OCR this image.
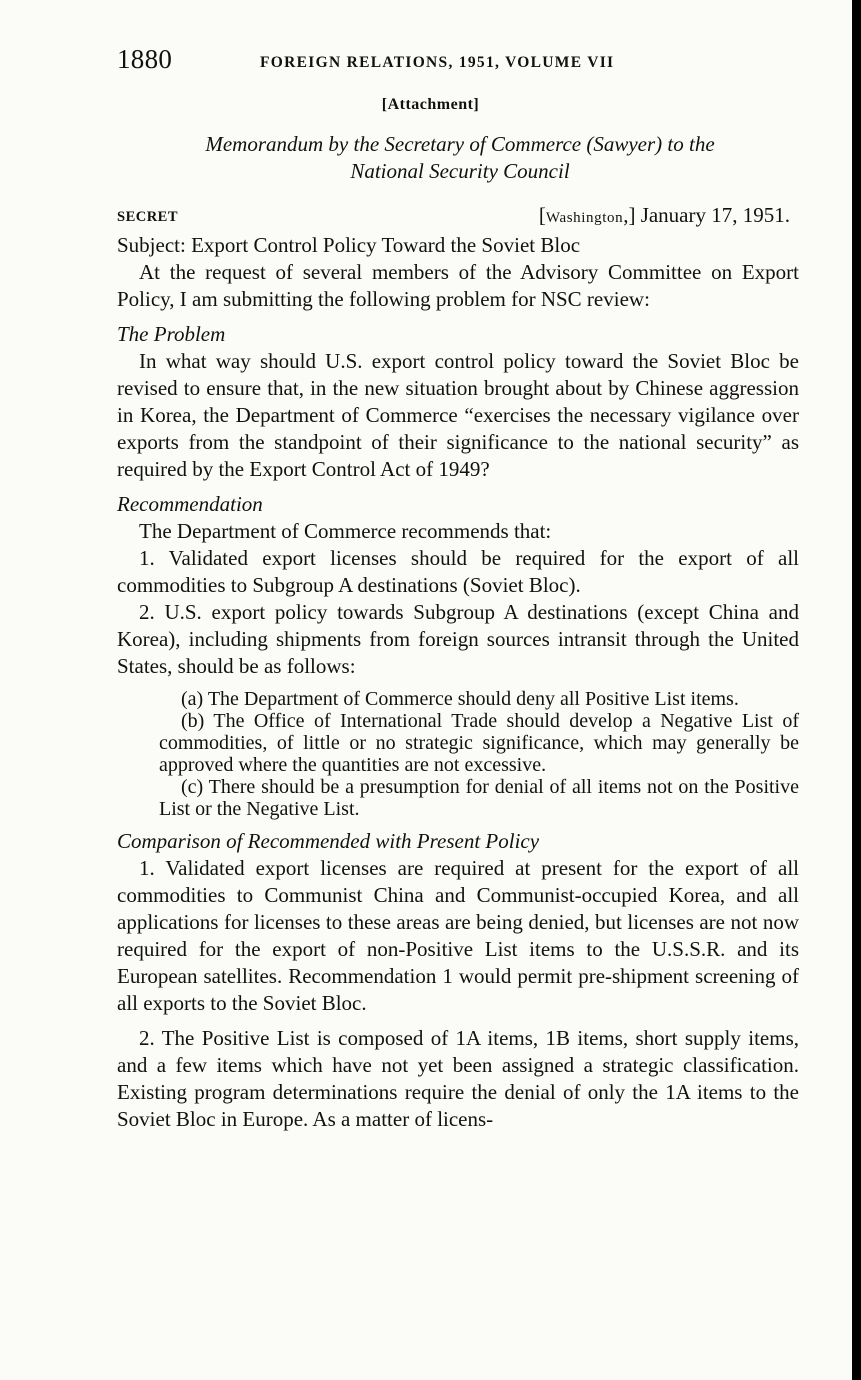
1880	FOREIGN RELATIONS, 1951, VOLUME VII
[Attachment]
Memorandum by the Secretary of Commerce (Sawyer) to the
National Security Council
SECRET	[Washington,] January 17, 1951.

Subject: Export Control Policy Toward the Soviet Bloc

At the request of several members of the Advisory Committee on Export Policy, I am submitting the following problem for NSC review:

The Problem

In what way should U.S. export control policy toward the Soviet Bloc be revised to ensure that, in the new situation brought about by Chinese aggression in Korea, the Department of Commerce “exercises the necessary vigilance over exports from the standpoint of their significance to the national security” as required by the Export Control Act of 1949?

Recommendation

The Department of Commerce recommends that:

1. Validated export licenses should be required for the export of all commodities to Subgroup A destinations (Soviet Bloc).

2. U.S. export policy towards Subgroup A destinations (except China and Korea), including shipments from foreign sources intransit through the United States, should be as follows:

(a) The Department of Commerce should deny all Positive List items.

(b) The Office of International Trade should develop a Negative List of commodities, of little or no strategic significance, which may generally be approved where the quantities are not excessive.

(c) There should be a presumption for denial of all items not on the Positive List or the Negative List.

Comparison of Recommended with Present Policy

1. Validated export licenses are required at present for the export of all commodities to Communist China and Communist-occupied Korea, and all applications for licenses to these areas are being denied, but licenses are not now required for the export of non-Positive List items to the U.S.S.R. and its European satellites. Recommendation 1 would permit pre-shipment screening of all exports to the Soviet Bloc.

2. The Positive List is composed of 1A items, 1B items, short supply items, and a few items which have not yet been assigned a strategic classification. Existing program determinations require the denial of only the 1A items to the Soviet Bloc in Europe. As a matter of licens-
